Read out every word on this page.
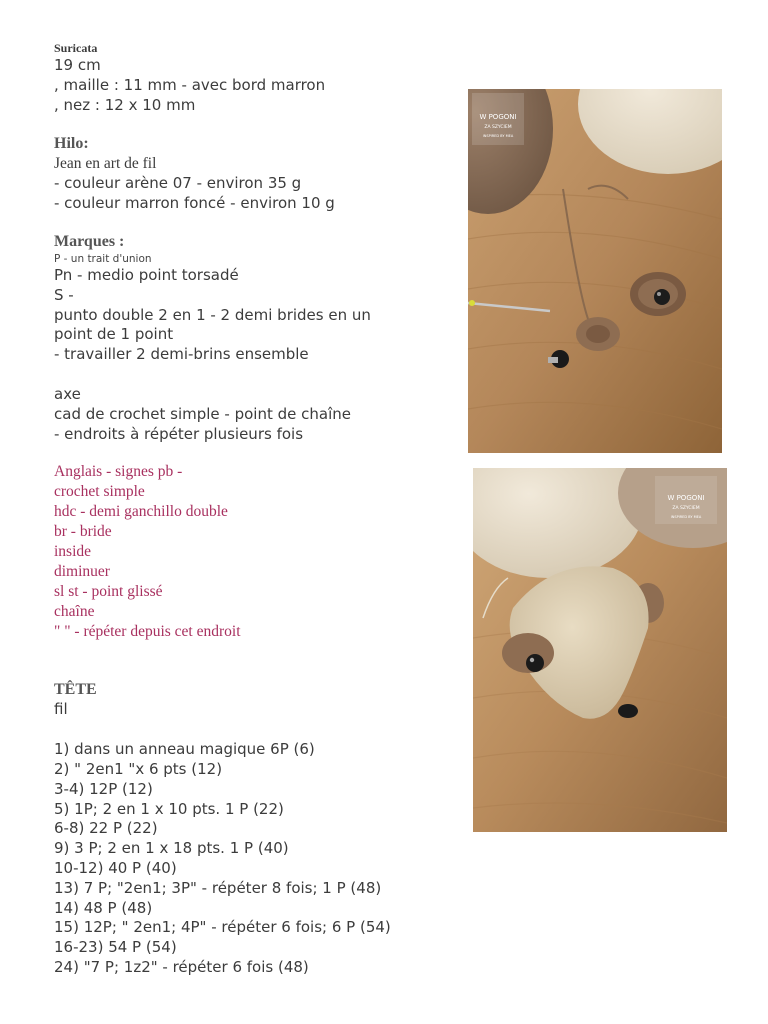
Suricata
19 cm
, maille : 11 mm - avec bord marron
, nez : 12 x 10 mm
Hilo:
Jean en art de fil
- couleur arène 07 - environ 35 g
- couleur marron foncé - environ 10 g
Marques :
P - un trait d'union
Pn - medio point torsadé
S -
punto double 2 en 1 - 2 demi brides en un point de 1 point
- travailler 2 demi-brins ensemble
axe
cad de crochet simple - point de chaîne
- endroits à répéter plusieurs fois
Anglais - signes pb -
crochet simple
hdc - demi ganchillo double
br - bride
inside
diminuer
sl st - point glissé
chaîne
" " - répéter depuis cet endroit
TÊTE
fil
1) dans un anneau magique 6P (6)
2) " 2en1 "x 6 pts (12)
3-4) 12P (12)
5) 1P; 2 en 1 x 10 pts. 1 P (22)
6-8) 22 P (22)
9) 3 P; 2 en 1 x 18 pts. 1 P (40)
10-12) 40 P (40)
13) 7 P; "2en1; 3P" - répéter 8 fois; 1 P (48)
14) 48 P (48)
15) 12P; " 2en1; 4P" - répéter 6 fois; 6 P (54)
16-23) 54 P (54)
24) "7 P; 1z2" - répéter 6 fois (48)
W POGONI
ZA SZYCIEM
INSPIRED BY MEA
W POGONI
ZA SZYCIEM
INSPIRED BY MEA
